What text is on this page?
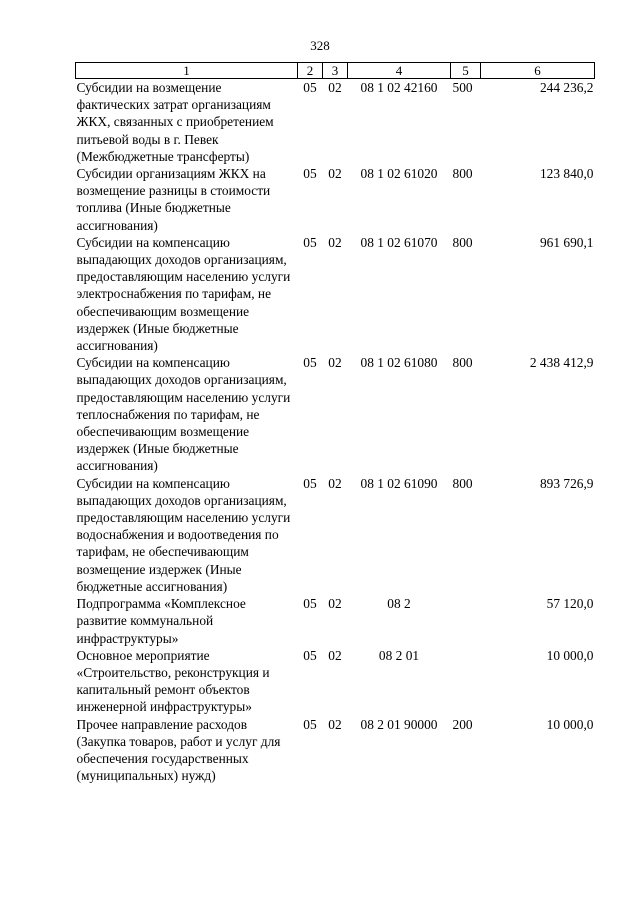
328
1	2	3	4	5	6
Субсидии на возмещение фактических затрат организациям ЖКХ, связанных с приобретением питьевой воды в г. Певек (Межбюджетные трансферты)	05	02	08 1 02 42160	500	244 236,2
Субсидии организациям ЖКХ на возмещение разницы в стоимости топлива (Иные бюджетные ассигнования)	05	02	08 1 02 61020	800	123 840,0
Субсидии на компенсацию выпадающих доходов организациям, предоставляющим населению услуги электроснабжения по тарифам, не обеспечивающим возмещение издержек (Иные бюджетные ассигнования)	05	02	08 1 02 61070	800	961 690,1
Субсидии на компенсацию выпадающих доходов организациям, предоставляющим населению услуги теплоснабжения по тарифам, не обеспечивающим возмещение издержек (Иные бюджетные ассигнования)	05	02	08 1 02 61080	800	2 438 412,9
Субсидии на компенсацию выпадающих доходов организациям, предоставляющим населению услуги водоснабжения и водоотведения по тарифам, не обеспечивающим возмещение издержек (Иные бюджетные ассигнования)	05	02	08 1 02 61090	800	893 726,9
Подпрограмма «Комплексное развитие коммунальной инфраструктуры»	05	02	08 2		57 120,0
Основное мероприятие «Строительство, реконструкция и капитальный ремонт объектов инженерной инфраструктуры»	05	02	08 2 01		10 000,0
Прочее направление расходов (Закупка товаров, работ и услуг для обеспечения государственных (муниципальных) нужд)	05	02	08 2 01 90000	200	10 000,0
